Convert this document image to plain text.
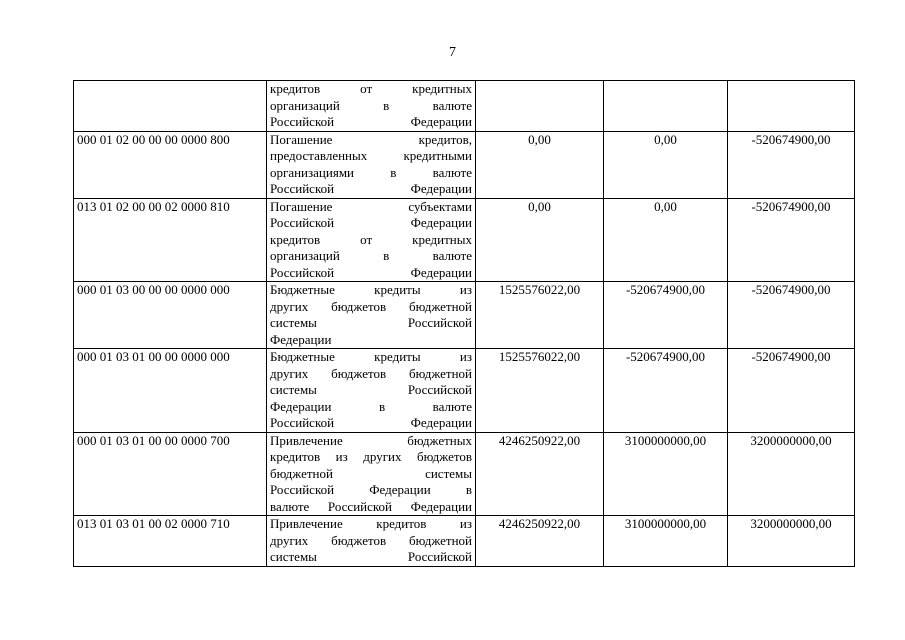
7

	кредитов от кредитных
организаций в валюте
Российской Федерации			

000 01 02 00 00 00 0000 800	Погашение кредитов,
предоставленных кредитными
организациями в валюте
Российской Федерации	0,00	0,00	-520674900,00
013 01 02 00 00 02 0000 810	Погашение субъектами
Российской Федерации
кредитов от кредитных
организаций в валюте
Российской Федерации	0,00	0,00	-520674900,00
000 01 03 00 00 00 0000 000	Бюджетные кредиты из
других бюджетов бюджетной
системы Российской
Федерации	1525576022,00	-520674900,00	-520674900,00
000 01 03 01 00 00 0000 000	Бюджетные кредиты из
других бюджетов бюджетной
системы Российской
Федерации в валюте
Российской Федерации	1525576022,00	-520674900,00	-520674900,00
000 01 03 01 00 00 0000 700	Привлечение бюджетных
кредитов из других бюджетов
бюджетной системы
Российской Федерации в
валюте Российской Федерации	4246250922,00	3100000000,00	3200000000,00
013 01 03 01 00 02 0000 710	Привлечение кредитов из
других бюджетов бюджетной
системы Российской	4246250922,00	3100000000,00	3200000000,00
